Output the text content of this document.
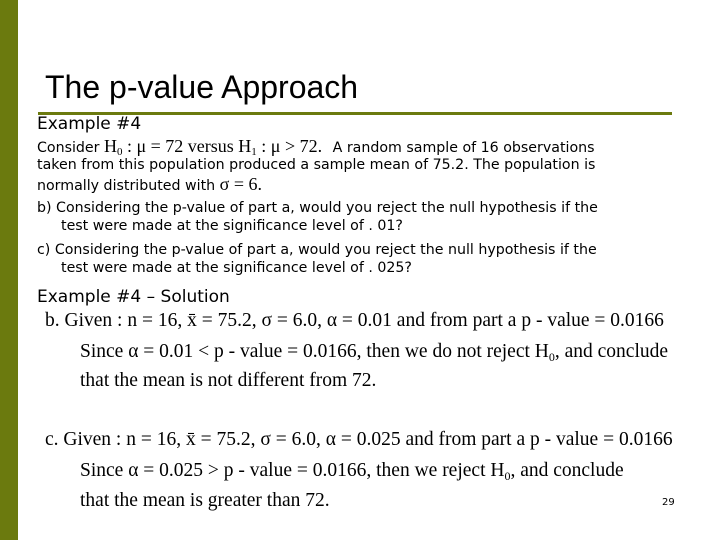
The p-value Approach
Example #4
Consider $H_0$ : μ = 72 versus $H_1$ : μ > 72. A random sample of 16 observations
taken from this population produced a sample mean of 75.2. The population is
normally distributed with σ = 6.
b) Considering the p-value of part a, would you reject the null hypothesis if the
test were made at the significance level of . 01?
c) Considering the p-value of part a, would you reject the null hypothesis if the
test were made at the significance level of . 025?
Example #4 – Solution
b. Given : n = 16, x̄ = 75.2, σ = 6.0, α = 0.01 and from part a p - value = 0.0166
Since α = 0.01 < p - value = 0.0166, then we do not reject $H_0$, and conclude
that the mean is not different from 72.
c. Given : n = 16, x̄ = 75.2, σ = 6.0, α = 0.025 and from part a p - value = 0.0166
Since α = 0.025 > p - value = 0.0166, then we reject $H_0$, and conclude
that the mean is greater than 72.	29
